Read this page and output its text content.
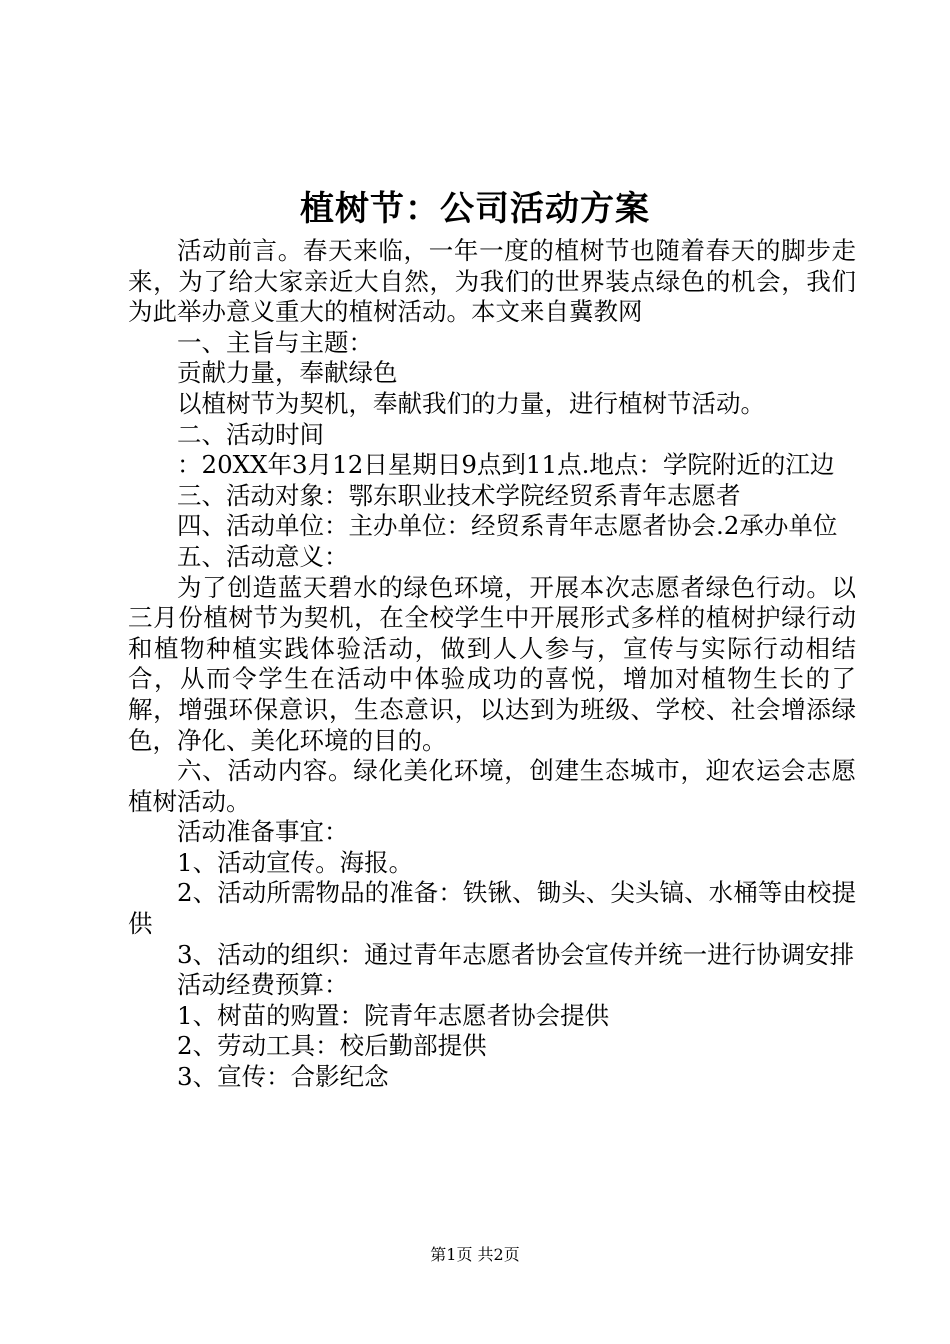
植树节：公司活动方案

活动前言。春天来临，一年一度的植树节也随着春天的脚步走来，为了给大家亲近大自然，为我们的世界装点绿色的机会，我们为此举办意义重大的植树活动。本文来自冀教网

一、主旨与主题：

贡献力量，奉献绿色

以植树节为契机，奉献我们的力量，进行植树节活动。

二、活动时间

：20XX年3月12日星期日9点到11点.地点：学院附近的江边

三、活动对象：鄂东职业技术学院经贸系青年志愿者

四、活动单位：主办单位：经贸系青年志愿者协会.2承办单位

五、活动意义：

为了创造蓝天碧水的绿色环境，开展本次志愿者绿色行动。以三月份植树节为契机，在全校学生中开展形式多样的植树护绿行动和植物种植实践体验活动，做到人人参与，宣传与实际行动相结合，从而令学生在活动中体验成功的喜悦，增加对植物生长的了解，增强环保意识，生态意识，以达到为班级、学校、社会增添绿色，净化、美化环境的目的。

六、活动内容。绿化美化环境，创建生态城市，迎农运会志愿植树活动。

活动准备事宜：

1、活动宣传。海报。

2、活动所需物品的准备：铁锹、锄头、尖头镐、水桶等由校提供

3、活动的组织：通过青年志愿者协会宣传并统一进行协调安排

活动经费预算：

1、树苗的购置：院青年志愿者协会提供

2、劳动工具：校后勤部提供

3、宣传：合影纪念

第1页 共2页
